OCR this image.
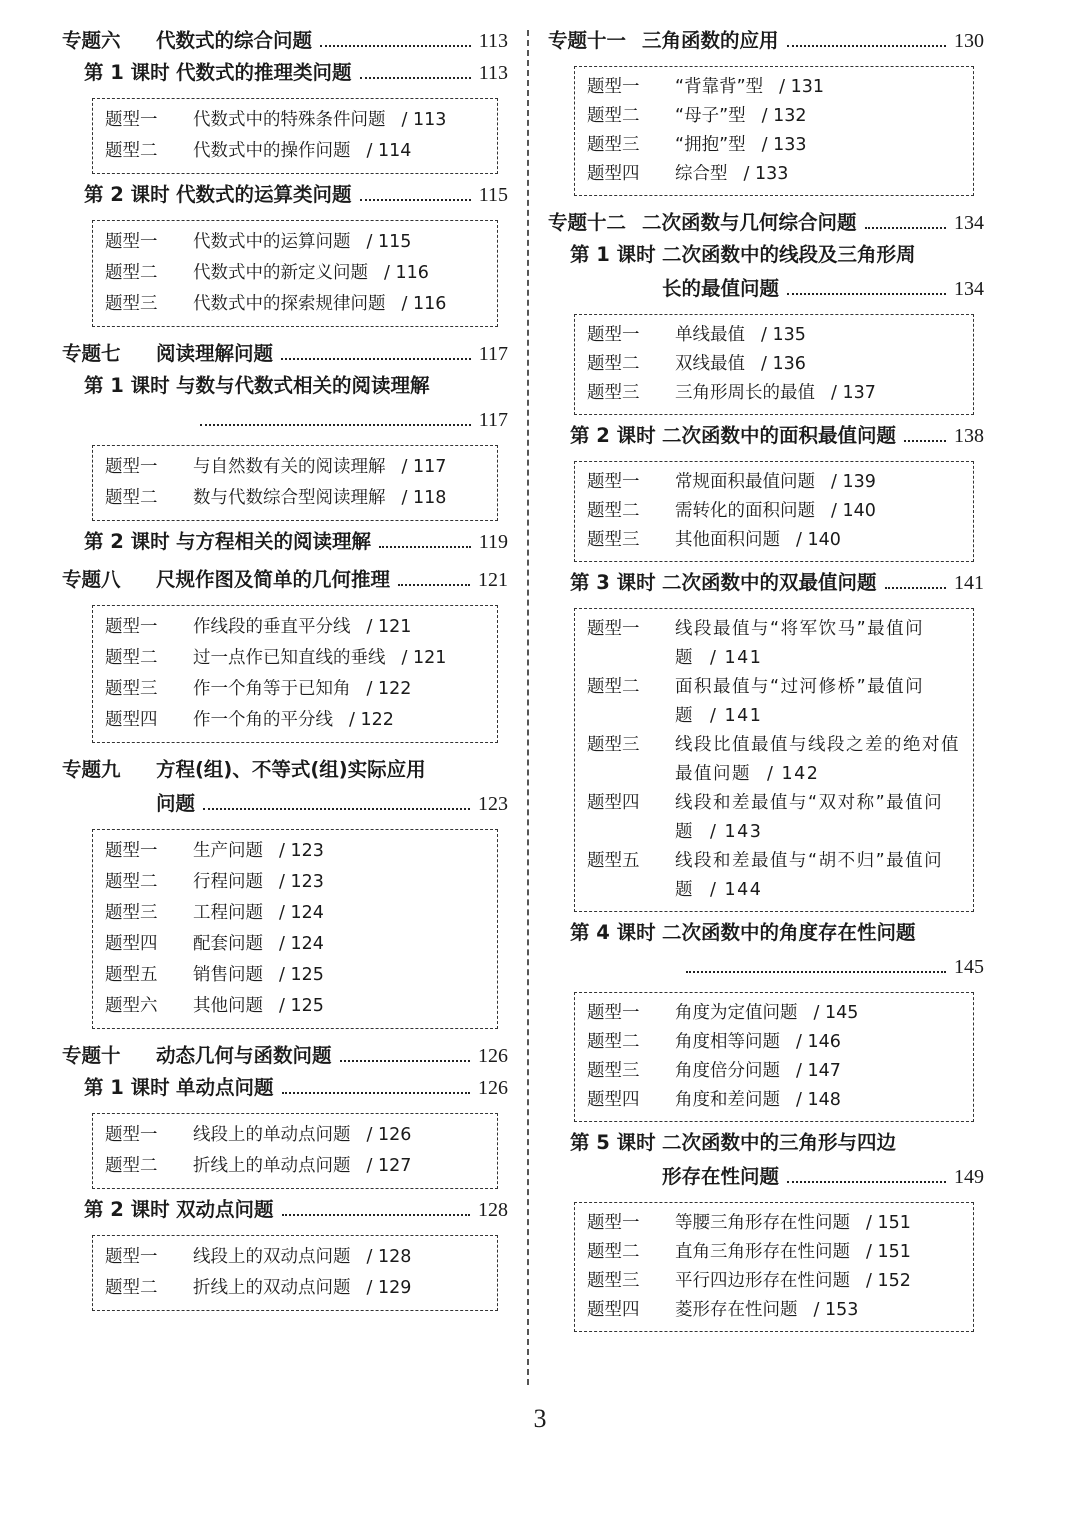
专题六	代数式的综合问题	113
第 1 课时 代数式的推理类问题	113
题型一	代数式中的特殊条件问题 / 113
题型二	代数式中的操作问题 / 114
第 2 课时 代数式的运算类问题	115
题型一	代数式中的运算问题 / 115
题型二	代数式中的新定义问题 / 116
题型三	代数式中的探索规律问题 / 116
专题七	阅读理解问题	117
第 1 课时 与数与代数式相关的阅读理解
117
题型一	与自然数有关的阅读理解 / 117
题型二	数与代数综合型阅读理解 / 118
第 2 课时 与方程相关的阅读理解	119
专题八	尺规作图及简单的几何推理	121
题型一	作线段的垂直平分线 / 121
题型二	过一点作已知直线的垂线 / 121
题型三	作一个角等于已知角 / 122
题型四	作一个角的平分线 / 122
专题九	方程(组)、不等式(组)实际应用
问题	123
题型一	生产问题 / 123
题型二	行程问题 / 123
题型三	工程问题 / 124
题型四	配套问题 / 124
题型五	销售问题 / 125
题型六	其他问题 / 125
专题十	动态几何与函数问题	126
第 1 课时 单动点问题	126
题型一	线段上的单动点问题 / 126
题型二	折线上的单动点问题 / 127
第 2 课时 双动点问题	128
题型一	线段上的双动点问题 / 128
题型二	折线上的双动点问题 / 129
专题十一 三角函数的应用	130
题型一	“背靠背”型 / 131
题型二	“母子”型 / 132
题型三	“拥抱”型 / 133
题型四	综合型 / 133
专题十二 二次函数与几何综合问题	134
第 1 课时 二次函数中的线段及三角形周
长的最值问题	134
题型一	单线最值 / 135
题型二	双线最值 / 136
题型三	三角形周长的最值 / 137
第 2 课时 二次函数中的面积最值问题	138
题型一	常规面积最值问题 / 139
题型二	需转化的面积问题 / 140
题型三	其他面积问题 / 140
第 3 课时 二次函数中的双最值问题	141
题型一	线段最值与“将军饮马”最值问题 / 141
题型二	面积最值与“过河修桥”最值问题 / 141
题型三	线段比值最值与线段之差的绝对值最值问题 / 142
题型四	线段和差最值与“双对称”最值问题 / 143
题型五	线段和差最值与“胡不归”最值问题 / 144
第 4 课时 二次函数中的角度存在性问题
145
题型一	角度为定值问题 / 145
题型二	角度相等问题 / 146
题型三	角度倍分问题 / 147
题型四	角度和差问题 / 148
第 5 课时 二次函数中的三角形与四边
形存在性问题	149
题型一	等腰三角形存在性问题 / 151
题型二	直角三角形存在性问题 / 151
题型三	平行四边形存在性问题 / 152
题型四	菱形存在性问题 / 153
3
